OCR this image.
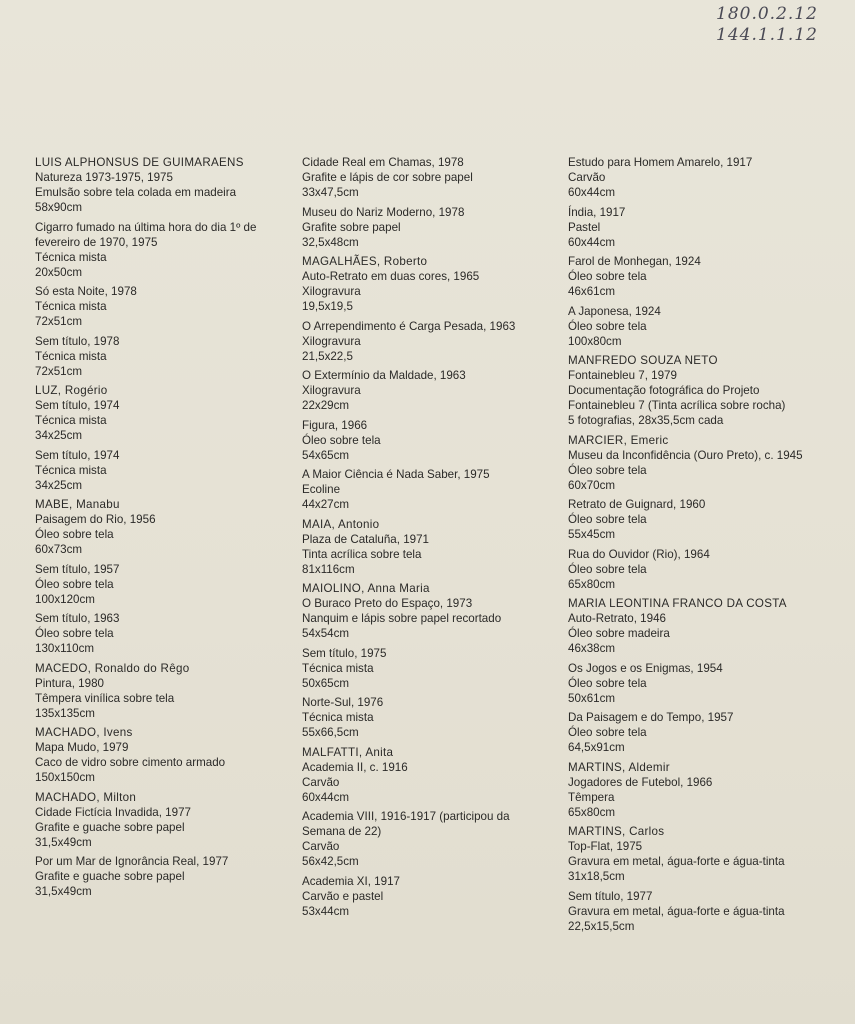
180.0.2.12
144.1.1.12
LUIS ALPHONSUS DE GUIMARAENS
Natureza 1973-1975, 1975
Emulsão sobre tela colada em madeira
58x90cm
Cigarro fumado na última hora do dia 1º de fevereiro de 1970, 1975
Técnica mista
20x50cm
Só esta Noite, 1978
Técnica mista
72x51cm
Sem título, 1978
Técnica mista
72x51cm
LUZ, Rogério
Sem título, 1974
Técnica mista
34x25cm
Sem título, 1974
Técnica mista
34x25cm
MABE, Manabu
Paisagem do Rio, 1956
Óleo sobre tela
60x73cm
Sem título, 1957
Óleo sobre tela
100x120cm
Sem título, 1963
Óleo sobre tela
130x110cm
MACEDO, Ronaldo do Rêgo
Pintura, 1980
Têmpera vinílica sobre tela
135x135cm
MACHADO, Ivens
Mapa Mudo, 1979
Caco de vidro sobre cimento armado
150x150cm
MACHADO, Milton
Cidade Fictícia Invadida, 1977
Grafite e guache sobre papel
31,5x49cm
Por um Mar de Ignorância Real, 1977
Grafite e guache sobre papel
31,5x49cm
Cidade Real em Chamas, 1978
Grafite e lápis de cor sobre papel
33x47,5cm
Museu do Nariz Moderno, 1978
Grafite sobre papel
32,5x48cm
MAGALHÃES, Roberto
Auto-Retrato em duas cores, 1965
Xilogravura
19,5x19,5
O Arrependimento é Carga Pesada, 1963
Xilogravura
21,5x22,5
O Extermínio da Maldade, 1963
Xilogravura
22x29cm
Figura, 1966
Óleo sobre tela
54x65cm
A Maior Ciência é Nada Saber, 1975
Ecoline
44x27cm
MAIA, Antonio
Plaza de Cataluña, 1971
Tinta acrílica sobre tela
81x116cm
MAIOLINO, Anna Maria
O Buraco Preto do Espaço, 1973
Nanquim e lápis sobre papel recortado
54x54cm
Sem título, 1975
Técnica mista
50x65cm
Norte-Sul, 1976
Técnica mista
55x66,5cm
MALFATTI, Anita
Academia II, c. 1916
Carvão
60x44cm
Academia VIII, 1916-1917 (participou da Semana de 22)
Carvão
56x42,5cm
Academia XI, 1917
Carvão e pastel
53x44cm
Estudo para Homem Amarelo, 1917
Carvão
60x44cm
Índia, 1917
Pastel
60x44cm
Farol de Monhegan, 1924
Óleo sobre tela
46x61cm
A Japonesa, 1924
Óleo sobre tela
100x80cm
MANFREDO SOUZA NETO
Fontainebleu 7, 1979
Documentação fotográfica do Projeto
Fontainebleu 7 (Tinta acrílica sobre rocha)
5 fotografias, 28x35,5cm cada
MARCIER, Emeric
Museu da Inconfidência (Ouro Preto), c. 1945
Óleo sobre tela
60x70cm
Retrato de Guignard, 1960
Óleo sobre tela
55x45cm
Rua do Ouvidor (Rio), 1964
Óleo sobre tela
65x80cm
MARIA LEONTINA FRANCO DA COSTA
Auto-Retrato, 1946
Óleo sobre madeira
46x38cm
Os Jogos e os Enigmas, 1954
Óleo sobre tela
50x61cm
Da Paisagem e do Tempo, 1957
Óleo sobre tela
64,5x91cm
MARTINS, Aldemir
Jogadores de Futebol, 1966
Têmpera
65x80cm
MARTINS, Carlos
Top-Flat, 1975
Gravura em metal, água-forte e água-tinta
31x18,5cm
Sem título, 1977
Gravura em metal, água-forte e água-tinta
22,5x15,5cm
